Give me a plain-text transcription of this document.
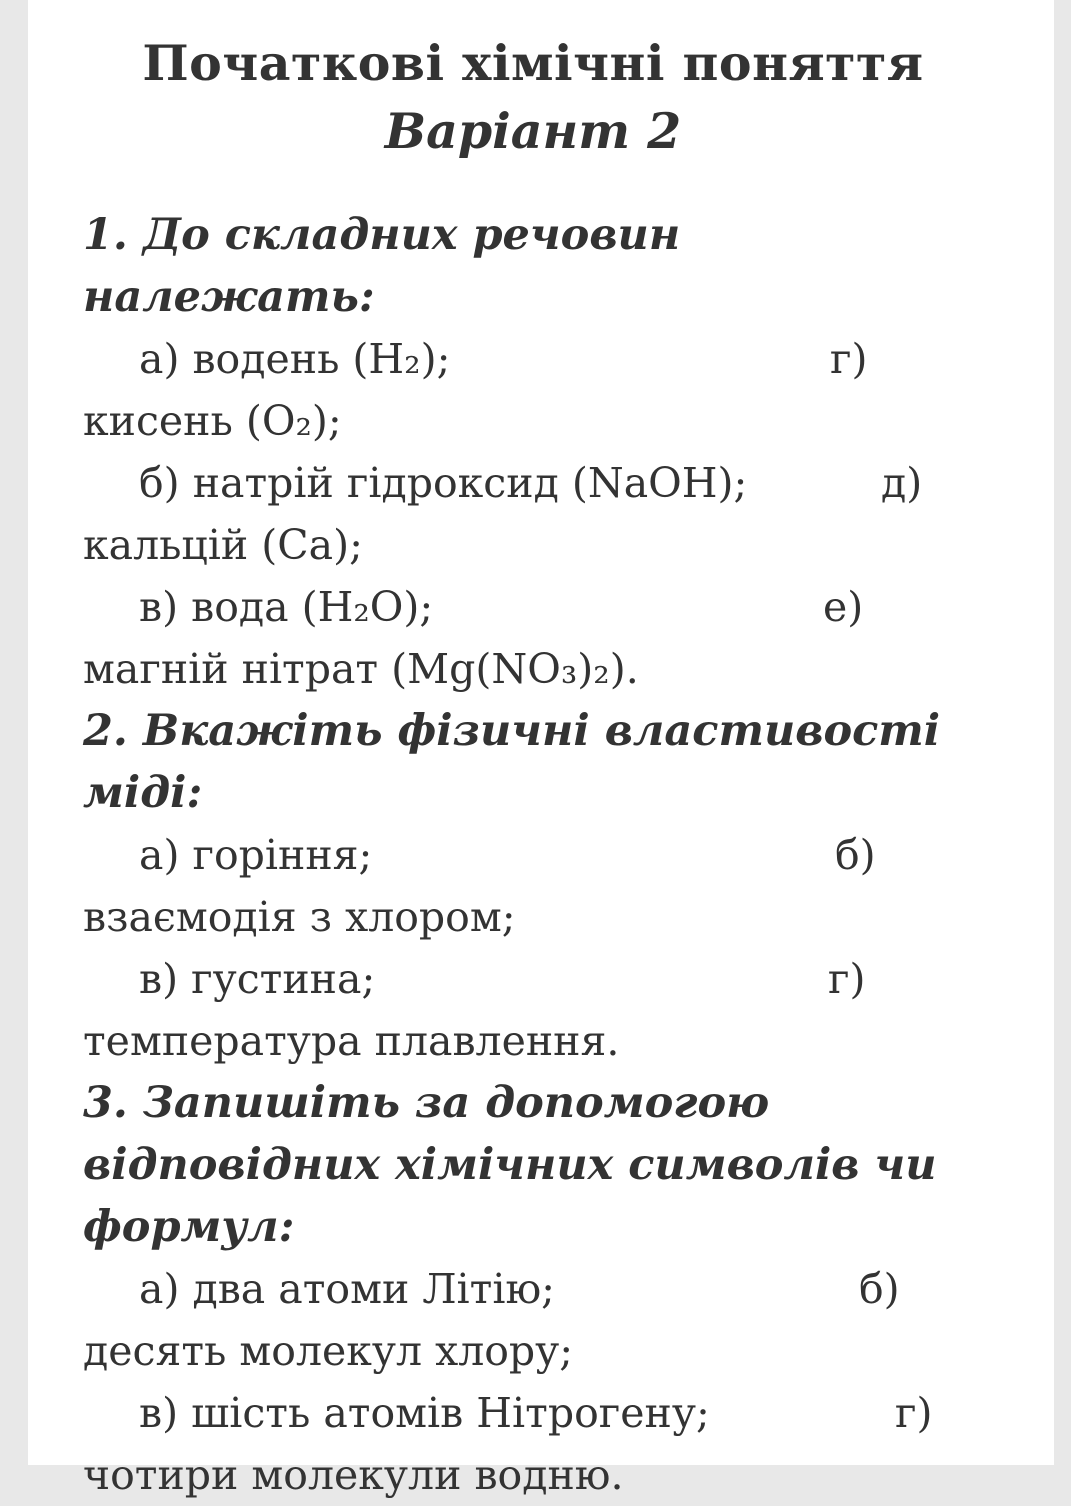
Початкові хімічні поняття
Варіант 2
1. До складних речовин належать:
а) водень (H₂);	г)
кисень (O₂);
б) натрій гідроксид (NaOH);	д)
кальцій (Ca);
в) вода (H₂O);	е)
магній нітрат (Mg(NO₃)₂).
2. Вкажіть фізичні властивості
міді:
а) горіння;	б)
взаємодія з хлором;
в) густина;	г)
температура плавлення.
3. Запишіть за допомогою
відповідних хімічних символів чи
формул:
а) два атоми Літію;	б)
десять молекул хлору;
в) шість атомів Нітрогену;	г)
чотири молекули водню.
